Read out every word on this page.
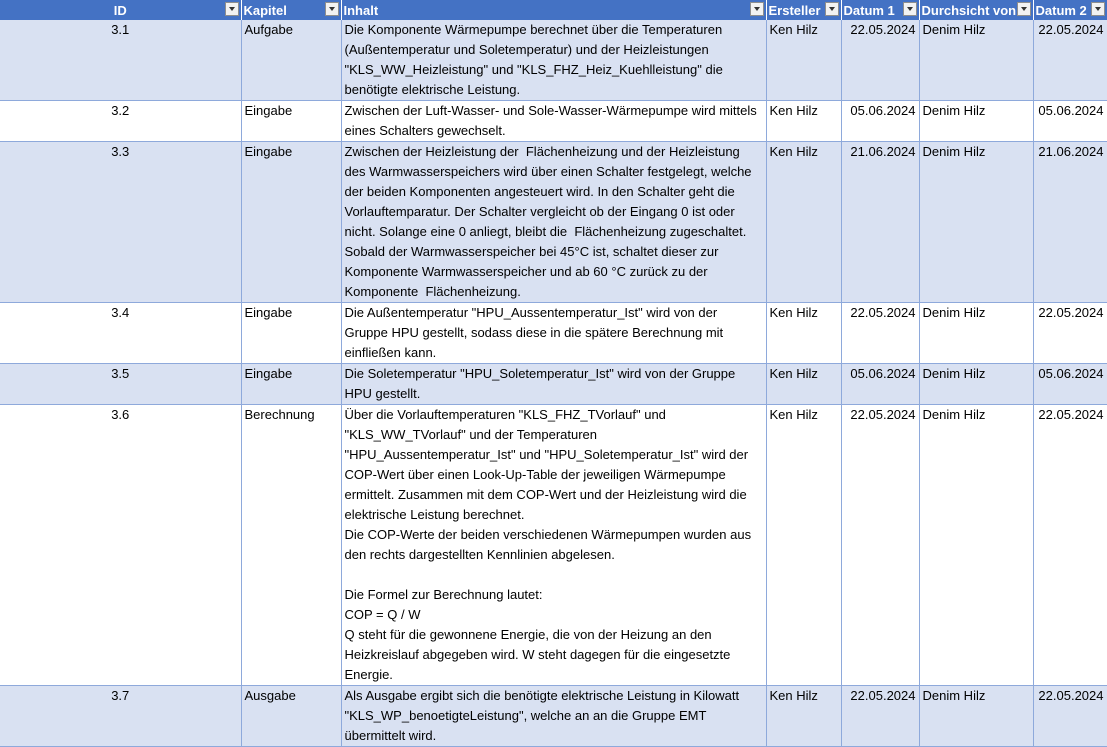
ID	Kapitel	Inhalt	Ersteller	Datum 1	Durchsicht von	Datum 2

3.1	Aufgabe	Die Komponente Wärmepumpe berechnet über die Temperaturen (Außentemperatur und Soletemperatur) und der Heizleistungen "KLS_WW_Heizleistung" und "KLS_FHZ_Heiz_Kuehlleistung" die benötigte elektrische Leistung.	Ken Hilz	22.05.2024	Denim Hilz	22.05.2024
3.2	Eingabe	Zwischen der Luft-Wasser- und Sole-Wasser-Wärmepumpe wird mittels eines Schalters gewechselt.	Ken Hilz	05.06.2024	Denim Hilz	05.06.2024
3.3	Eingabe	Zwischen der Heizleistung der  Flächenheizung und der Heizleistung des Warmwasserspeichers wird über einen Schalter festgelegt, welche der beiden Komponenten angesteuert wird. In den Schalter geht die Vorlauftemparatur. Der Schalter vergleicht ob der Eingang 0 ist oder nicht. Solange eine 0 anliegt, bleibt die  Flächenheizung zugeschaltet. Sobald der Warmwasserspeicher bei 45°C ist, schaltet dieser zur Komponente Warmwasserspeicher und ab 60 °C zurück zu der Komponente  Flächenheizung.	Ken Hilz	21.06.2024	Denim Hilz	21.06.2024
3.4	Eingabe	Die Außentemperatur "HPU_Aussentemperatur_Ist" wird von der Gruppe HPU gestellt, sodass diese in die spätere Berechnung mit einfließen kann.	Ken Hilz	22.05.2024	Denim Hilz	22.05.2024
3.5	Eingabe	Die Soletemperatur "HPU_Soletemperatur_Ist" wird von der Gruppe HPU gestellt.	Ken Hilz	05.06.2024	Denim Hilz	05.06.2024
3.6	Berechnung	Über die Vorlauftemperaturen "KLS_FHZ_TVorlauf" und "KLS_WW_TVorlauf" und der Temperaturen "HPU_Aussentemperatur_Ist" und "HPU_Soletemperatur_Ist" wird der COP-Wert über einen Look-Up-Table der jeweiligen Wärmepumpe ermittelt. Zusammen mit dem COP-Wert und der Heizleistung wird die elektrische Leistung berechnet.
Die COP-Werte der beiden verschiedenen Wärmepumpen wurden aus den rechts dargestellten Kennlinien abgelesen.

Die Formel zur Berechnung lautet:
COP = Q / W
Q steht für die gewonnene Energie, die von der Heizung an den Heizkreislauf abgegeben wird. W steht dagegen für die eingesetzte Energie.	Ken Hilz	22.05.2024	Denim Hilz	22.05.2024
3.7	Ausgabe	Als Ausgabe ergibt sich die benötigte elektrische Leistung in Kilowatt "KLS_WP_benoetigteLeistung", welche an an die Gruppe EMT übermittelt wird.	Ken Hilz	22.05.2024	Denim Hilz	22.05.2024
